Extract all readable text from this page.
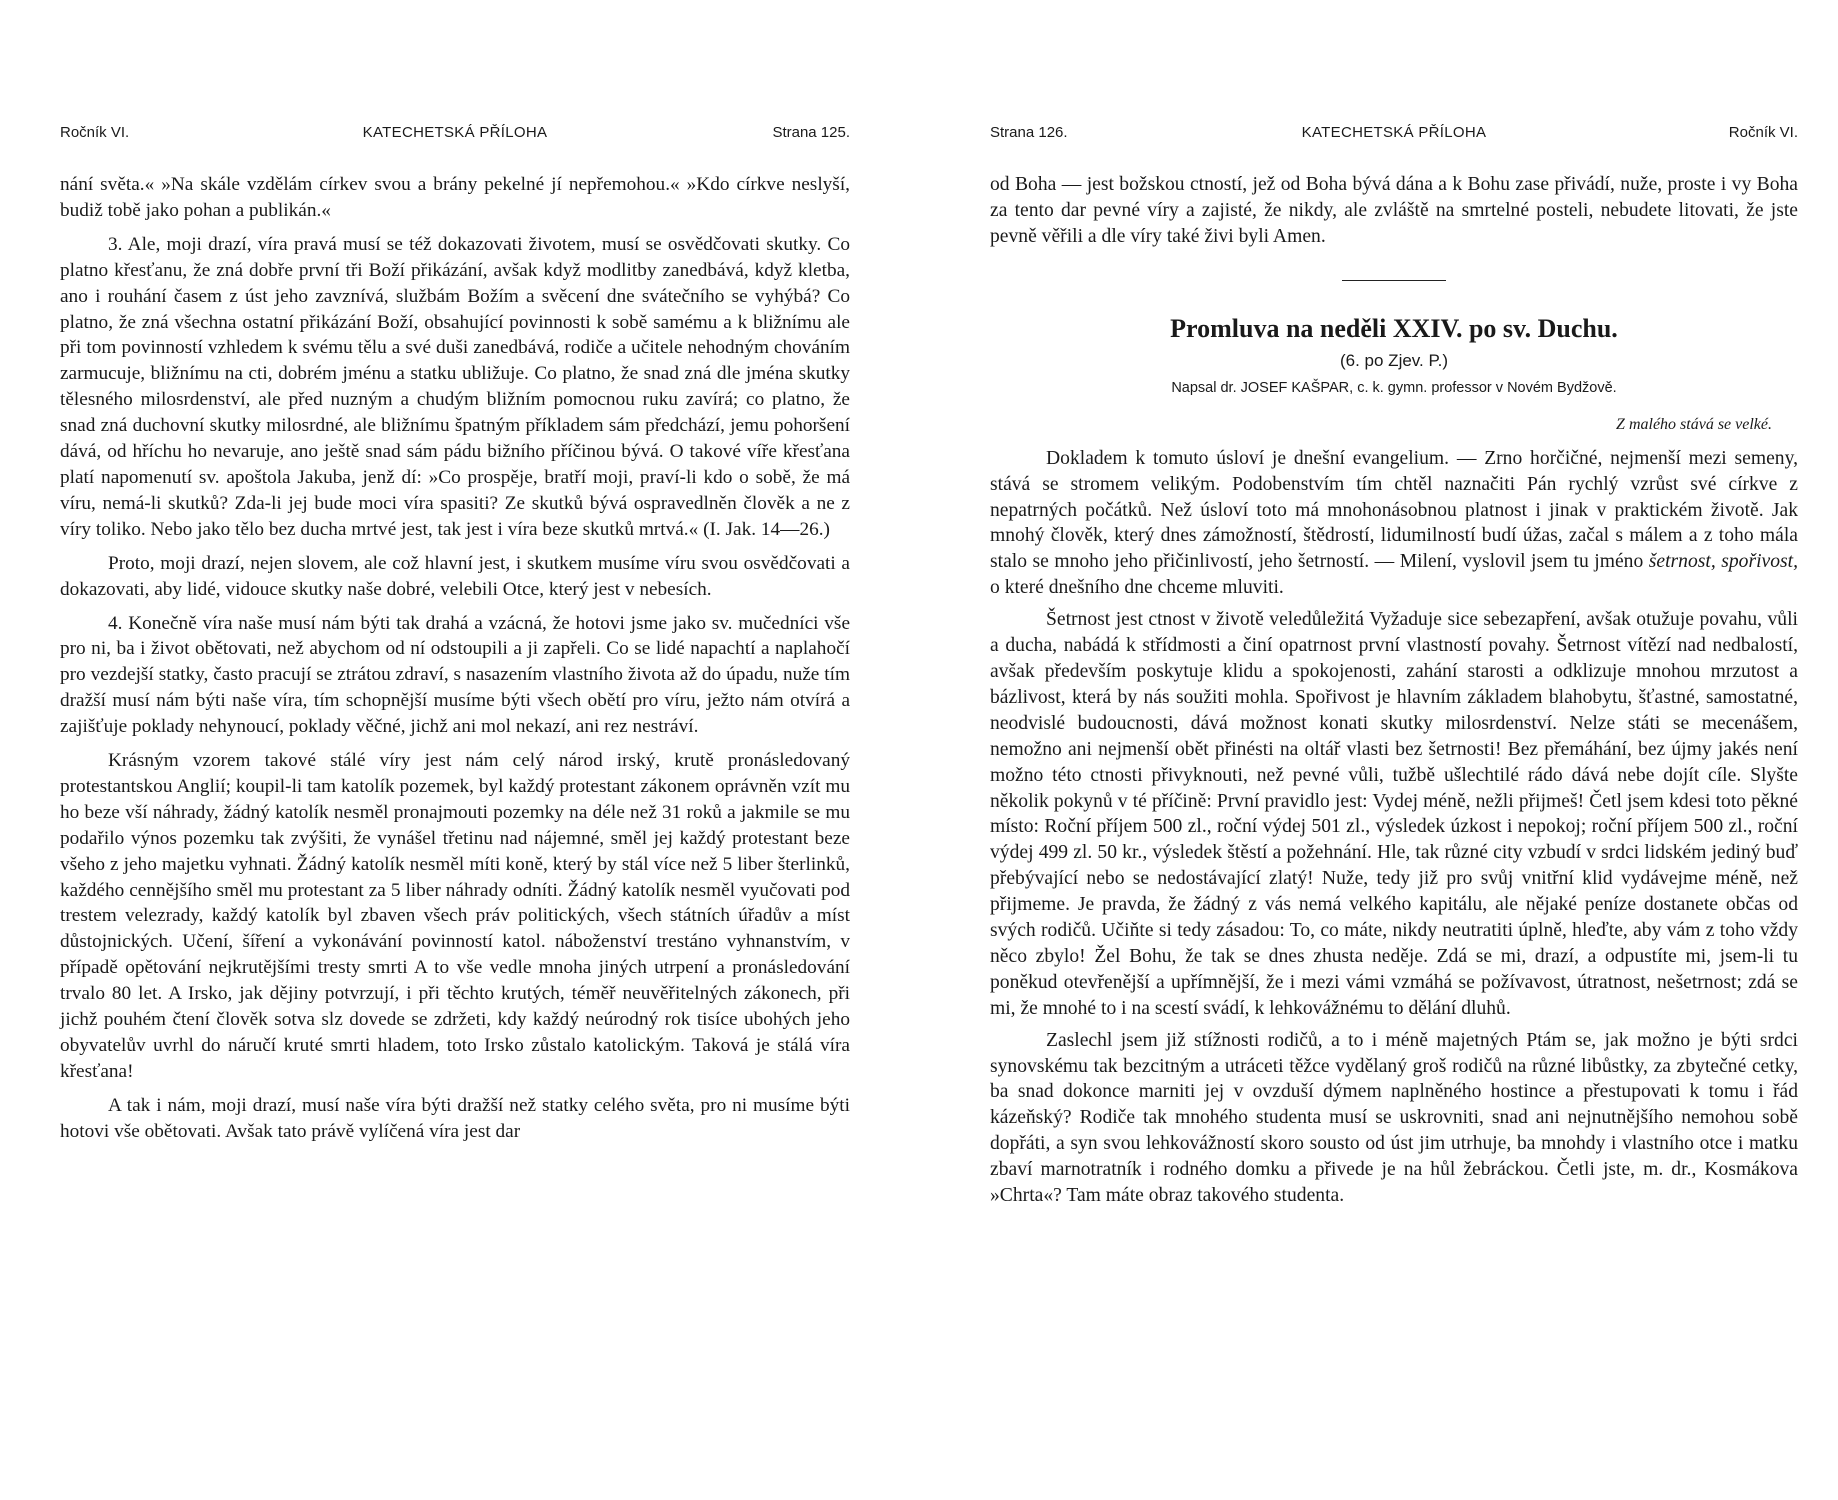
Ročník VI.	KATECHETSKÁ PŘÍLOHA	Strana 125.

nání světa.« »Na skále vzdělám církev svou a brány pekelné jí nepřemohou.« »Kdo církve neslyší, budiž tobě jako pohan a publikán.«

3. Ale, moji drazí, víra pravá musí se též dokazovati životem, musí se osvědčovati skutky. Co platno křesťanu, že zná dobře první tři Boží přikázání, avšak když modlitby zanedbává, když kletba, ano i rouhání časem z úst jeho zavznívá, službám Božím a svěcení dne svátečního se vyhýbá? Co platno, že zná všechna ostatní přikázání Boží, obsahující povinnosti k sobě samému a k bližnímu ale při tom povinností vzhledem k svému tělu a své duši zanedbává, rodiče a učitele nehodným chováním zarmucuje, bližnímu na cti, dobrém jménu a statku ubližuje. Co platno, že snad zná dle jména skutky tělesného milosrdenství, ale před nuzným a chudým bližním pomocnou ruku zavírá; co platno, že snad zná duchovní skutky milosrdné, ale bližnímu špatným příkladem sám předchází, jemu pohoršení dává, od hříchu ho nevaruje, ano ještě snad sám pádu bižního příčinou bývá. O takové víře křesťana platí napomenutí sv. apoštola Jakuba, jenž dí: »Co prospěje, bratří moji, praví-li kdo o sobě, že má víru, nemá-li skutků? Zda-li jej bude moci víra spasiti? Ze skutků bývá ospravedlněn člověk a ne z víry toliko. Nebo jako tělo bez ducha mrtvé jest, tak jest i víra beze skutků mrtvá.« (I. Jak. 14—26.)

Proto, moji drazí, nejen slovem, ale což hlavní jest, i skutkem musíme víru svou osvědčovati a dokazovati, aby lidé, vidouce skutky naše dobré, velebili Otce, který jest v nebesích.

4. Konečně víra naše musí nám býti tak drahá a vzácná, že hotovi jsme jako sv. mučedníci vše pro ni, ba i život obětovati, než abychom od ní odstoupili a ji zapřeli. Co se lidé napachtí a naplahočí pro vezdejší statky, často pracují se ztrátou zdraví, s nasazením vlastního života až do úpadu, nuže tím dražší musí nám býti naše víra, tím schopnější musíme býti všech obětí pro víru, ježto nám otvírá a zajišťuje poklady nehynoucí, poklady věčné, jichž ani mol nekazí, ani rez nestráví.

Krásným vzorem takové stálé víry jest nám celý národ irský, krutě pronásledovaný protestantskou Anglií; koupil-li tam katolík pozemek, byl každý protestant zákonem oprávněn vzít mu ho beze vší náhrady, žádný katolík nesměl pronajmouti pozemky na déle než 31 roků a jakmile se mu podařilo výnos pozemku tak zvýšiti, že vynášel třetinu nad nájemné, směl jej každý protestant beze všeho z jeho majetku vyhnati. Žádný katolík nesměl míti koně, který by stál více než 5 liber šterlinků, každého cennějšího směl mu protestant za 5 liber náhrady odníti. Žádný katolík nesměl vyučovati pod trestem velezrady, každý katolík byl zbaven všech práv politických, všech státních úřadův a míst důstojnických. Učení, šíření a vykonávání povinností katol. náboženství trestáno vyhnanstvím, v případě opětování nejkrutějšími tresty smrti A to vše vedle mnoha jiných utrpení a pronásledování trvalo 80 let. A Irsko, jak dějiny potvrzují, i při těchto krutých, téměř neuvěřitelných zákonech, při jichž pouhém čtení člověk sotva slz dovede se zdržeti, kdy každý neúrodný rok tisíce ubohých jeho obyvatelův uvrhl do náručí kruté smrti hladem, toto Irsko zůstalo katolickým. Taková je stálá víra křesťana!

A tak i nám, moji drazí, musí naše víra býti dražší než statky celého světa, pro ni musíme býti hotovi vše obětovati. Avšak tato právě vylíčená víra jest dar

Strana 126.	KATECHETSKÁ PŘÍLOHA	Ročník VI.

od Boha — jest božskou ctností, jež od Boha bývá dána a k Bohu zase přivádí, nuže, proste i vy Boha za tento dar pevné víry a zajisté, že nikdy, ale zvláště na smrtelné posteli, nebudete litovati, že jste pevně věřili a dle víry také živi byli Amen.

Promluva na neděli XXIV. po sv. Duchu.
(6. po Zjev. P.)
Napsal dr. JOSEF KAŠPAR, c. k. gymn. professor v Novém Bydžově.
Z malého stává se velké.

Dokladem k tomuto úsloví je dnešní evangelium. — Zrno horčičné, nejmenší mezi semeny, stává se stromem velikým. Podobenstvím tím chtěl naznačiti Pán rychlý vzrůst své církve z nepatrných počátků. Než úsloví toto má mnohonásobnou platnost i jinak v praktickém životě. Jak mnohý člověk, který dnes zámožností, štědrostí, lidumilností budí úžas, začal s málem a z toho mála stalo se mnoho jeho přičinlivostí, jeho šetrností. — Milení, vyslovil jsem tu jméno šetrnost, spořivost, o které dnešního dne chceme mluviti.

Šetrnost jest ctnost v životě veledůležitá Vyžaduje sice sebezapření, avšak otužuje povahu, vůli a ducha, nabádá k střídmosti a činí opatrnost první vlastností povahy. Šetrnost vítězí nad nedbalostí, avšak především poskytuje klidu a spokojenosti, zahání starosti a odklizuje mnohou mrzutost a bázlivost, která by nás soužiti mohla. Spořivost je hlavním základem blahobytu, šťastné, samostatné, neodvislé budoucnosti, dává možnost konati skutky milosrdenství. Nelze státi se mecenášem, nemožno ani nejmenší obět přinésti na oltář vlasti bez šetrnosti! Bez přemáhání, bez újmy jakés není možno této ctnosti přivyknouti, než pevné vůli, tužbě ušlechtilé rádo dává nebe dojít cíle. Slyšte několik pokynů v té příčině: První pravidlo jest: Vydej méně, nežli přijmeš! Četl jsem kdesi toto pěkné místo: Roční příjem 500 zl., roční výdej 501 zl., výsledek úzkost i nepokoj; roční příjem 500 zl., roční výdej 499 zl. 50 kr., výsledek štěstí a požehnání. Hle, tak různé city vzbudí v srdci lidském jediný buď přebývající nebo se nedostávající zlatý! Nuže, tedy již pro svůj vnitřní klid vydávejme méně, než přijmeme. Je pravda, že žádný z vás nemá velkého kapitálu, ale nějaké peníze dostanete občas od svých rodičů. Učiňte si tedy zásadou: To, co máte, nikdy neutratiti úplně, hleďte, aby vám z toho vždy něco zbylo! Žel Bohu, že tak se dnes zhusta neděje. Zdá se mi, drazí, a odpustíte mi, jsem-li tu poněkud otevřenější a upřímnější, že i mezi vámi vzmáhá se požívavost, útratnost, nešetrnost; zdá se mi, že mnohé to i na scestí svádí, k lehkovážnému to dělání dluhů.

Zaslechl jsem již stížnosti rodičů, a to i méně majetných Ptám se, jak možno je býti srdci synovskému tak bezcitným a utráceti těžce vydělaný groš rodičů na různé libůstky, za zbytečné cetky, ba snad dokonce marniti jej v ovzduší dýmem naplněného hostince a přestupovati k tomu i řád kázeňský? Rodiče tak mnohého studenta musí se uskrovniti, snad ani nejnutnějšího nemohou sobě dopřáti, a syn svou lehkovážností skoro sousto od úst jim utrhuje, ba mnohdy i vlastního otce i matku zbaví marnotratník i rodného domku a přivede je na hůl žebráckou. Četli jste, m. dr., Kosmákova »Chrta«? Tam máte obraz takového studenta.
